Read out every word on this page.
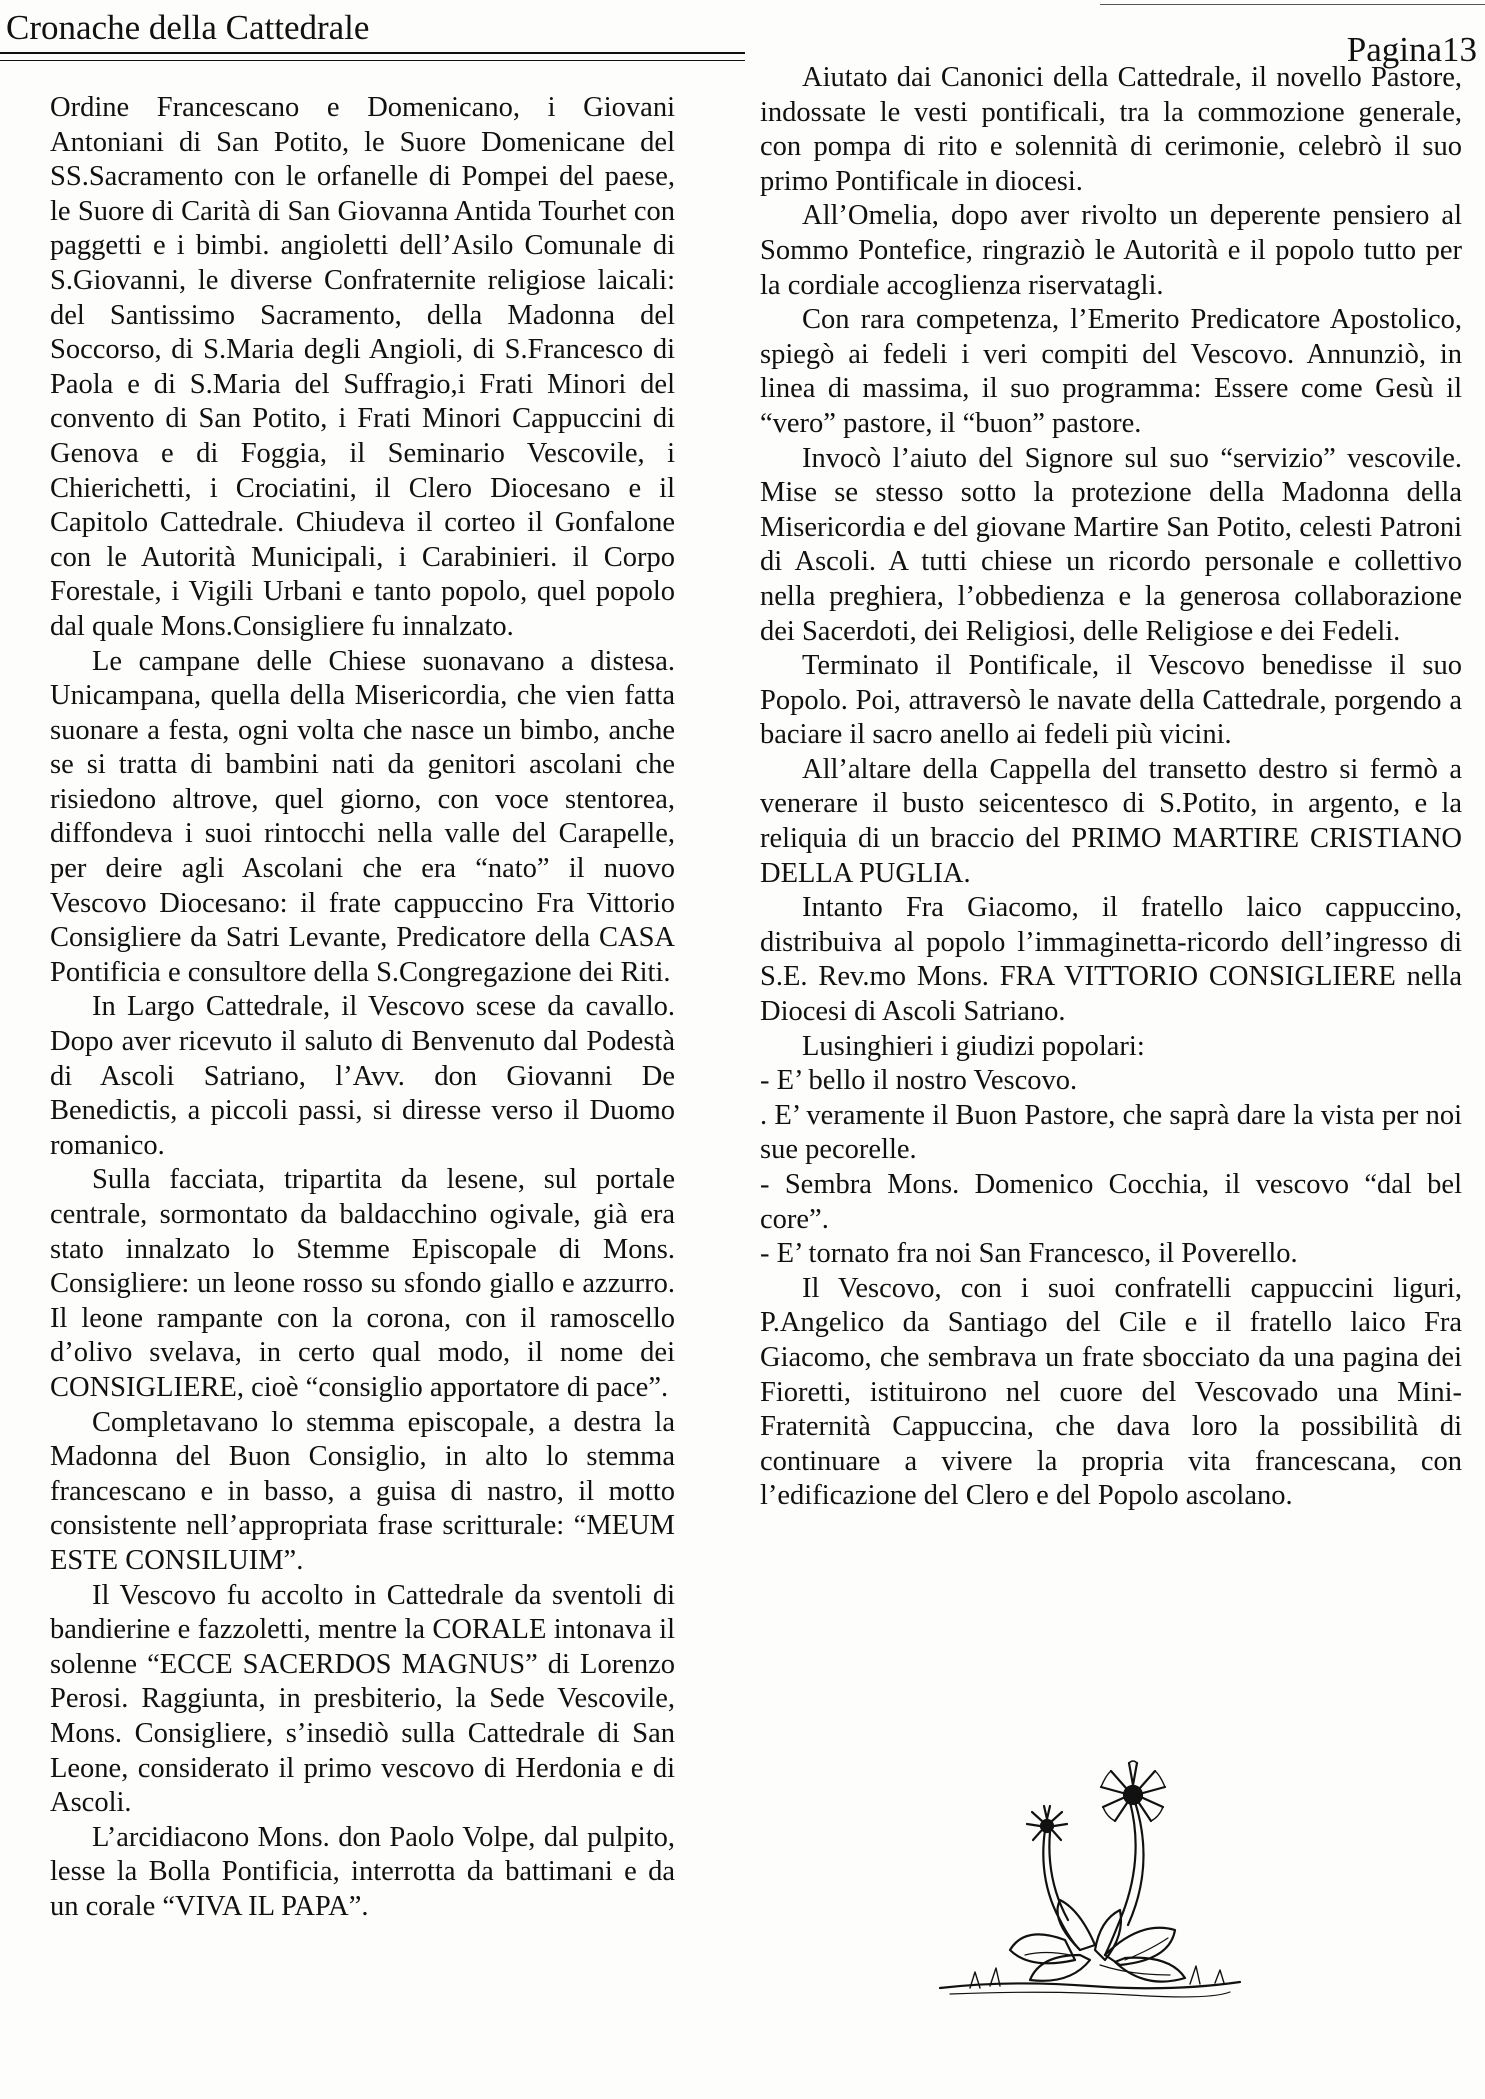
Cronache della Cattedrale
Pagina13

Ordine Francescano e Domenicano, i Giovani Antoniani di San Potito, le Suore Domenicane del SS.Sacramento con le orfanelle di Pompei del paese, le Suore di Carità di San Giovanna Antida Tourhet con paggetti e i bimbi. angioletti dell’Asilo Comunale di S.Giovanni, le diverse Confraternite religiose laicali: del Santissimo Sacramento, della Madonna del Soccorso, di S.Maria degli Angioli, di S.Francesco di Paola e di S.Maria del Suffragio,i Frati Minori del convento di San Potito, i Frati Minori Cappuccini di Genova e di Foggia, il Seminario Vescovile, i Chierichetti, i Crociatini, il Clero Diocesano e il Capitolo Cattedrale. Chiudeva il corteo il Gonfalone con le Autorità Municipali, i Carabinieri. il Corpo Forestale, i Vigili Urbani e tanto popolo, quel popolo dal quale Mons.Consigliere fu innalzato.

Le campane delle Chiese suonavano a distesa. Unicampana, quella della Misericordia, che vien fatta suonare a festa, ogni volta che nasce un bimbo, anche se si tratta di bambini nati da genitori ascolani che risiedono altrove, quel giorno, con voce stentorea, diffondeva i suoi rintocchi nella valle del Carapelle, per deire agli Ascolani che era “nato” il nuovo Vescovo Diocesano: il frate cappuccino Fra Vittorio Consigliere da Satri Levante, Predicatore della CASA Pontificia e consultore della S.Congregazione dei Riti.

In Largo Cattedrale, il Vescovo scese da cavallo. Dopo aver ricevuto il saluto di Benvenuto dal Podestà di Ascoli Satriano, l’Avv. don Giovanni De Benedictis, a piccoli passi, si diresse verso il Duomo romanico.

Sulla facciata, tripartita da lesene, sul portale centrale, sormontato da baldacchino ogivale, già era stato innalzato lo Stemme Episcopale di Mons. Consigliere: un leone rosso su sfondo giallo e azzurro. Il leone rampante con la corona, con il ramoscello d’olivo svelava, in certo qual modo, il nome dei CONSIGLIERE, cioè “consiglio apportatore di pace”.

Completavano lo stemma episcopale, a destra la Madonna del Buon Consiglio, in alto lo stemma francescano e in basso, a guisa di nastro, il motto consistente nell’appropriata frase scritturale: “MEUM ESTE CONSILUIM”.

Il Vescovo fu accolto in Cattedrale da sventoli di bandierine e fazzoletti, mentre la CORALE intonava il solenne “ECCE SACERDOS MAGNUS” di Lorenzo Perosi. Raggiunta, in presbiterio, la Sede Vescovile, Mons. Consigliere, s’insediò sulla Cattedrale di San Leone, considerato il primo vescovo di Herdonia e di Ascoli.

L’arcidiacono Mons. don Paolo Volpe, dal pulpito, lesse la Bolla Pontificia, interrotta da battimani e da un corale “VIVA IL PAPA”.

Aiutato dai Canonici della Cattedrale, il novello Pastore, indossate le vesti pontificali, tra la commozione generale, con pompa di rito e solennità di cerimonie, celebrò il suo primo Pontificale in diocesi.

All’Omelia, dopo aver rivolto un deperente pensiero al Sommo Pontefice, ringraziò le Autorità e il popolo tutto per la cordiale accoglienza riservatagli.

Con rara competenza, l’Emerito Predicatore Apostolico, spiegò ai fedeli i veri compiti del Vescovo. Annunziò, in linea di massima, il suo programma: Essere come Gesù il “vero” pastore, il “buon” pastore.

Invocò l’aiuto del Signore sul suo “servizio” vescovile. Mise se stesso sotto la protezione della Madonna della Misericordia e del giovane Martire San Potito, celesti Patroni di Ascoli. A tutti chiese un ricordo personale e collettivo nella preghiera, l’obbedienza e la generosa collaborazione dei Sacerdoti, dei Religiosi, delle Religiose e dei Fedeli.

Terminato il Pontificale, il Vescovo benedisse il suo Popolo. Poi, attraversò le navate della Cattedrale, porgendo a baciare il sacro anello ai fedeli più vicini.

All’altare della Cappella del transetto destro si fermò a venerare il busto seicentesco di S.Potito, in argento, e la reliquia di un braccio del PRIMO MARTIRE CRISTIANO DELLA PUGLIA.

Intanto Fra Giacomo, il fratello laico cappuccino, distribuiva al popolo l’immaginetta-ricordo dell’ingresso di S.E. Rev.mo Mons. FRA VITTORIO CONSIGLIERE nella Diocesi di Ascoli Satriano.

Lusinghieri i giudizi popolari:

- E’ bello il nostro Vescovo.

. E’ veramente il Buon Pastore, che saprà dare la vista per noi sue pecorelle.

- Sembra Mons. Domenico Cocchia, il vescovo “dal bel core”.

- E’ tornato fra noi San Francesco, il Poverello.

Il Vescovo, con i suoi confratelli cappuccini liguri, P.Angelico da Santiago del Cile e il fratello laico Fra Giacomo, che sembrava un frate sbocciato da una pagina dei Fioretti, istituirono nel cuore del Vescovado una Mini-Fraternità Cappuccina, che dava loro la possibilità di continuare a vivere la propria vita francescana, con l’edificazione del Clero e del Popolo ascolano.
